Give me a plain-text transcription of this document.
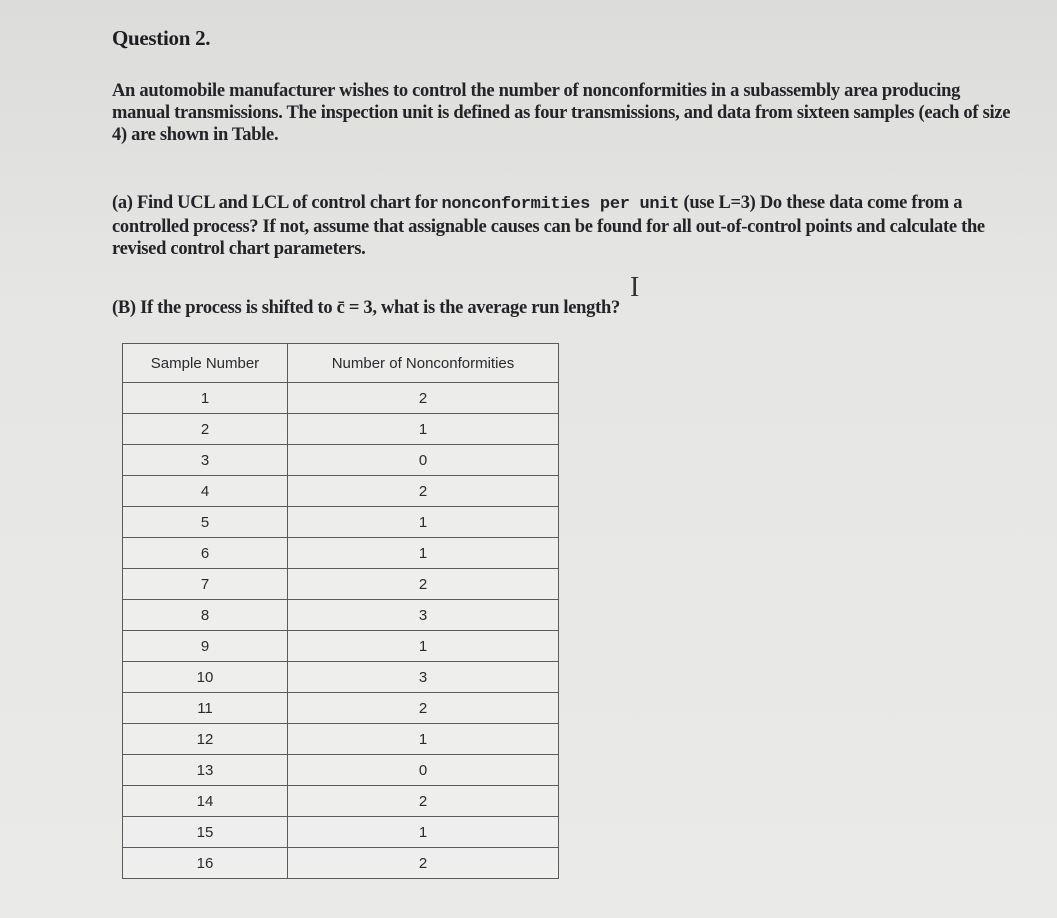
Question 2.
An automobile manufacturer wishes to control the number of nonconformities in a subassembly area producing manual transmissions. The inspection unit is defined as four transmissions, and data from sixteen samples (each of size 4) are shown in Table.
(a) Find UCL and LCL of control chart for nonconformities per unit (use L=3) Do these data come from a controlled process? If not, assume that assignable causes can be found for all out-of-control points and calculate the revised control chart parameters.
I
(B) If the process is shifted to c̄ = 3, what is the average run length?
Sample Number	Number of Nonconformities
1	2
2	1
3	0
4	2
5	1
6	1
7	2
8	3
9	1
10	3
11	2
12	1
13	0
14	2
15	1
16	2
